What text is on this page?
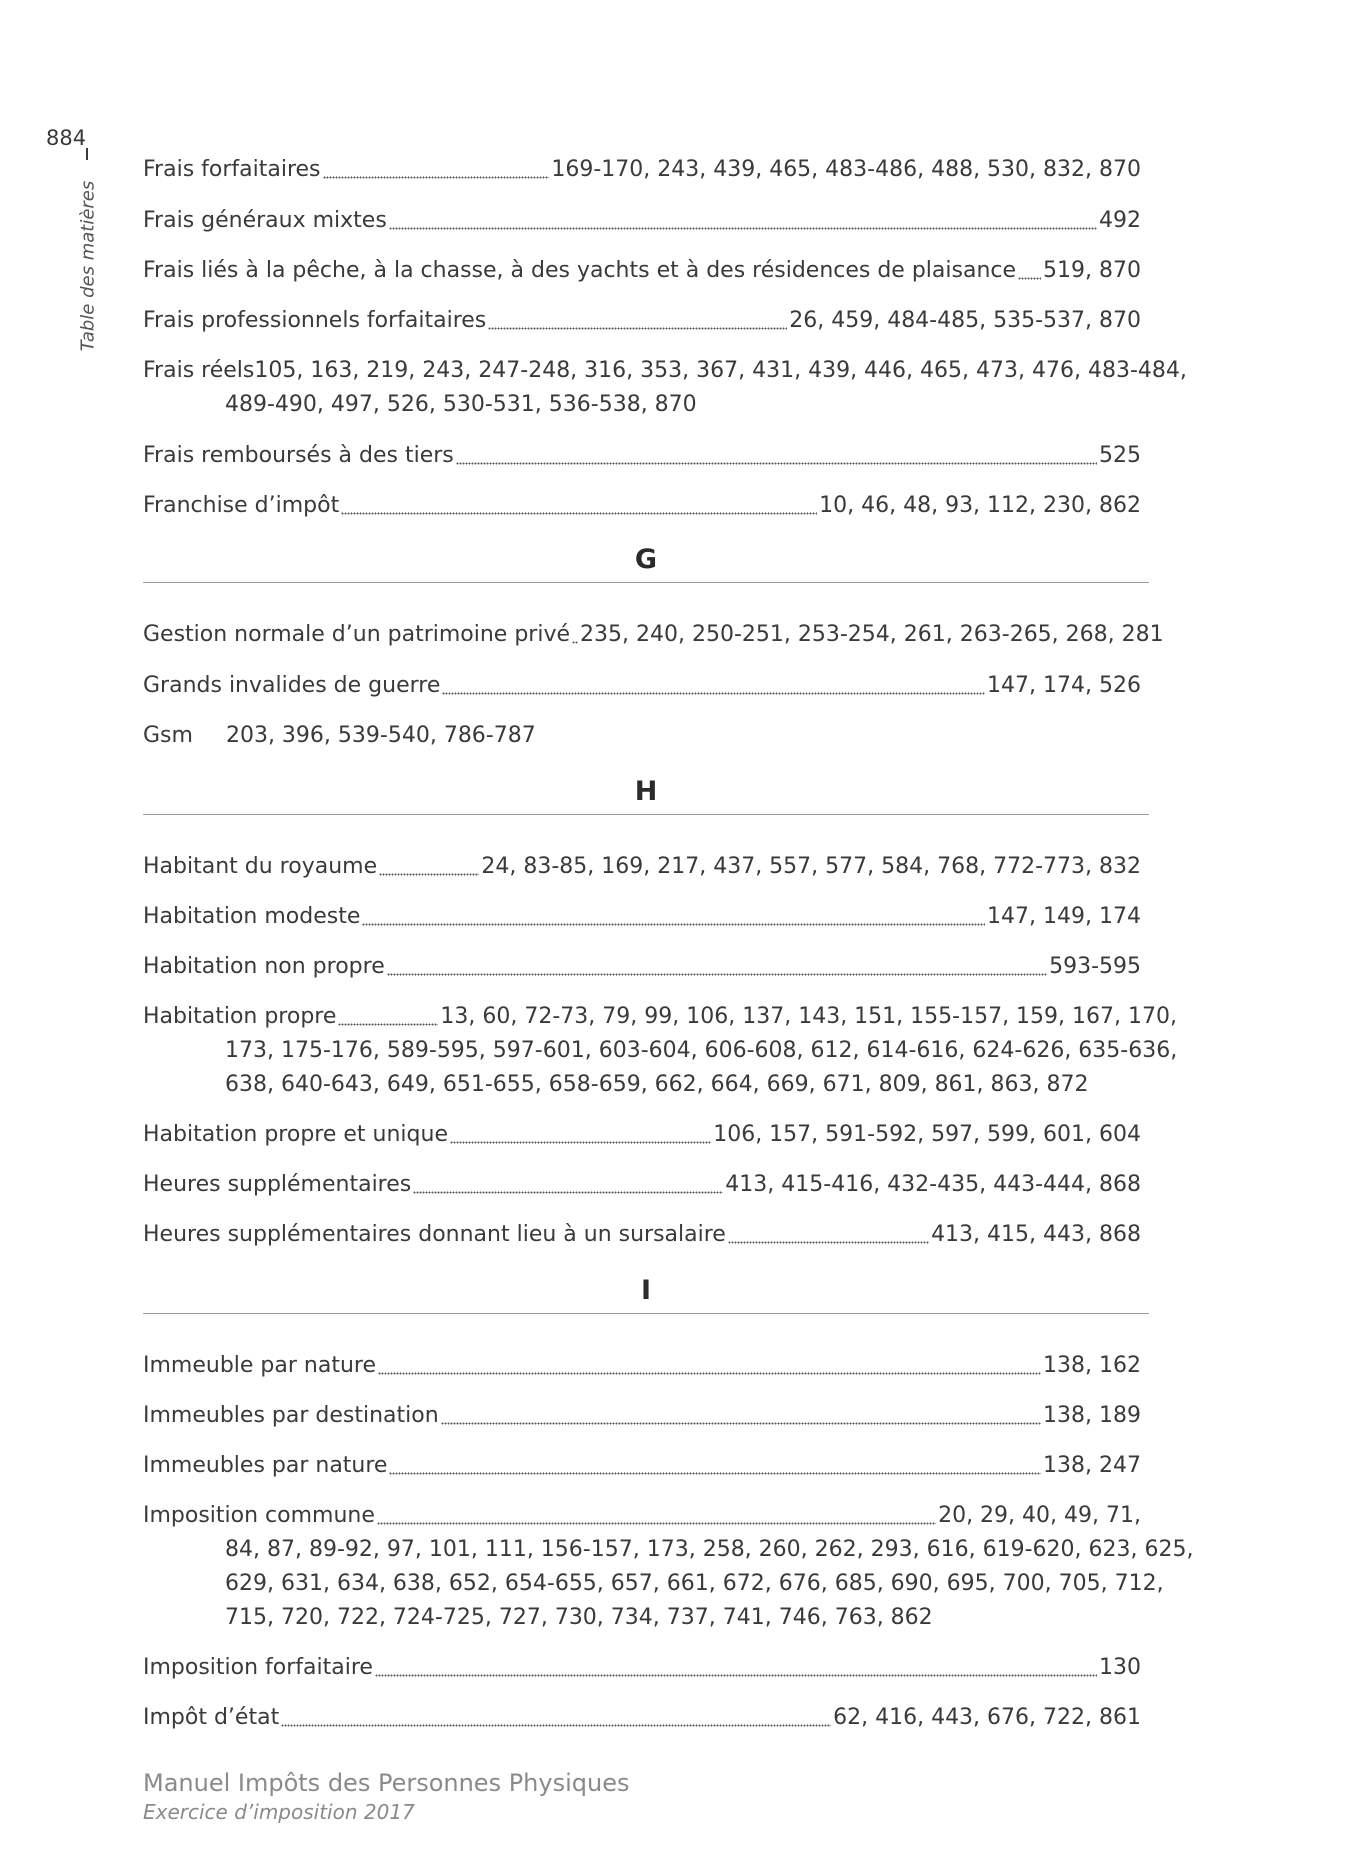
884
Table des matières
Frais forfaitaires	169-170, 243, 439, 465, 483-486, 488, 530, 832, 870
Frais généraux mixtes	492
Frais liés à la pêche, à la chasse, à des yachts et à des résidences de plaisance 519, 870
Frais professionnels forfaitaires	26, 459, 484-485, 535-537, 870
Frais réels105, 163, 219, 243, 247-248, 316, 353, 367, 431, 439, 446, 465, 473, 476, 483-484,
489-490, 497, 526, 530-531, 536-538, 870
Frais remboursés à des tiers	525
Franchise d’impôt	10, 46, 48, 93, 112, 230, 862
G
Gestion normale d’un patrimoine privé 235, 240, 250-251, 253-254, 261, 263-265, 268, 281
Grands invalides de guerre	147, 174, 526
Gsm 203, 396, 539-540, 786-787
H
Habitant du royaume	24, 83-85, 169, 217, 437, 557, 577, 584, 768, 772-773, 832
Habitation modeste	147, 149, 174
Habitation non propre	593-595
Habitation propre	13, 60, 72-73, 79, 99, 106, 137, 143, 151, 155-157, 159, 167, 170,
173, 175-176, 589-595, 597-601, 603-604, 606-608, 612, 614-616, 624-626, 635-636,
638, 640-643, 649, 651-655, 658-659, 662, 664, 669, 671, 809, 861, 863, 872
Habitation propre et unique	106, 157, 591-592, 597, 599, 601, 604
Heures supplémentaires	413, 415-416, 432-435, 443-444, 868
Heures supplémentaires donnant lieu à un sursalaire	413, 415, 443, 868
I
Immeuble par nature	138, 162
Immeubles par destination	138, 189
Immeubles par nature	138, 247
Imposition commune	20, 29, 40, 49, 71,
84, 87, 89-92, 97, 101, 111, 156-157, 173, 258, 260, 262, 293, 616, 619-620, 623, 625,
629, 631, 634, 638, 652, 654-655, 657, 661, 672, 676, 685, 690, 695, 700, 705, 712,
715, 720, 722, 724-725, 727, 730, 734, 737, 741, 746, 763, 862
Imposition forfaitaire	130
Impôt d’état	62, 416, 443, 676, 722, 861
Manuel Impôts des Personnes Physiques
Exercice d’imposition 2017
